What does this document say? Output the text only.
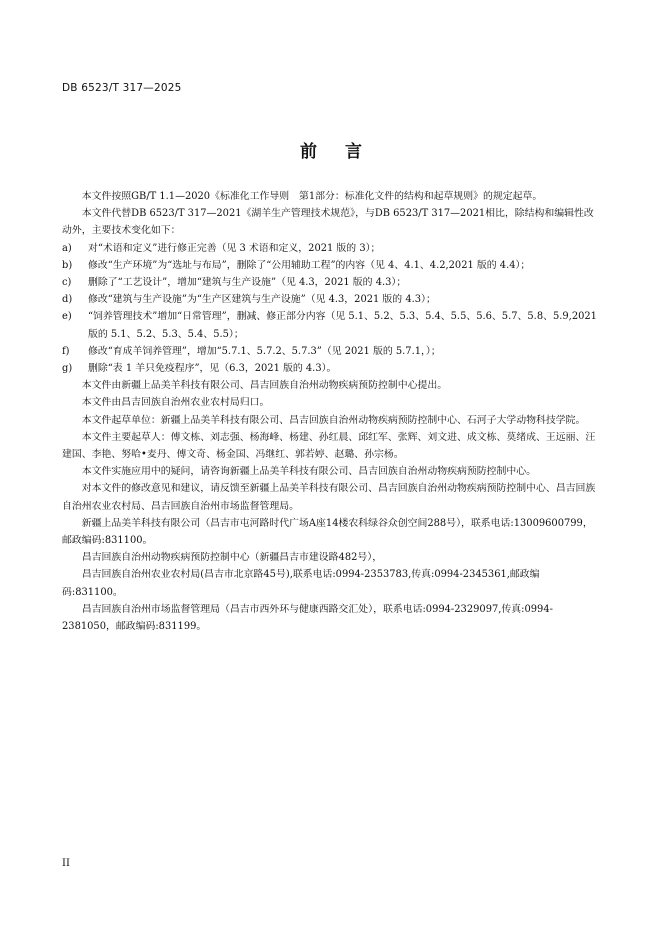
DB 6523/T 317—2025
前言

本文件按照GB/T 1.1—2020《标准化工作导则　第1部分：标准化文件的结构和起草规则》的规定起草。

本文件代替DB 6523/T 317—2021《湖羊生产管理技术规范》，与DB 6523/T 317—2021相比，除结构和编辑性改动外，主要技术变化如下：

a)	对“术语和定义”进行修正完善（见 3 术语和定义，2021 版的 3）；
b)	修改“生产环境”为“选址与布局”，删除了“公用辅助工程”的内容（见 4、4.1、4.2,2021 版的 4.4）；
c)	删除了“工艺设计”，增加“建筑与生产设施”（见 4.3，2021 版的 4.3）；
d)	修改“建筑与生产设施”为“生产区建筑与生产设施”（见 4.3，2021 版的 4.3）；
e)	“饲养管理技术”增加“日常管理”，删减、修正部分内容（见 5.1、5.2、5.3、5.4、5.5、5.6、5.7、5.8、5.9,2021 版的 5.1、5.2、5.3、5.4、5.5）；
f)	修改“育成羊饲养管理”，增加“5.7.1、5.7.2、5.7.3”（见 2021 版的 5.7.1，）；
g)	删除“表 1 羊只免疫程序”，见（6.3，2021 版的 4.3）。

本文件由新疆上品美羊科技有限公司、昌吉回族自治州动物疾病预防控制中心提出。

本文件由昌吉回族自治州农业农村局归口。

本文件起草单位：新疆上品美羊科技有限公司、昌吉回族自治州动物疾病预防控制中心、石河子大学动物科技学院。

本文件主要起草人：傅文栋、刘志强、杨海峰、杨建、孙红晨、邱红军、张辉、刘文进、成文栋、莫绪成、王远丽、汪建国、李艳、努哈•麦丹、傅文奇、杨金国、冯继红、郭若婷、赵璐、孙宗杨。

本文件实施应用中的疑问，请咨询新疆上品美羊科技有限公司、昌吉回族自治州动物疾病预防控制中心。

对本文件的修改意见和建议，请反馈至新疆上品美羊科技有限公司、昌吉回族自治州动物疾病预防控制中心、昌吉回族自治州农业农村局、昌吉回族自治州市场监督管理局。

新疆上品美羊科技有限公司（昌吉市屯河路时代广场A座14楼农科绿谷众创空间288号），联系电话:13009600799，邮政编码:831100。

昌吉回族自治州动物疾病预防控制中心（新疆昌吉市建设路482号），

昌吉回族自治州农业农村局(昌吉市北京路45号),联系电话:0994-2353783,传真:0994-2345361,邮政编码:831100。

昌吉回族自治州市场监督管理局（昌吉市西外环与健康西路交汇处），联系电话:0994-2329097,传真:0994-2381050，邮政编码:831199。

II
